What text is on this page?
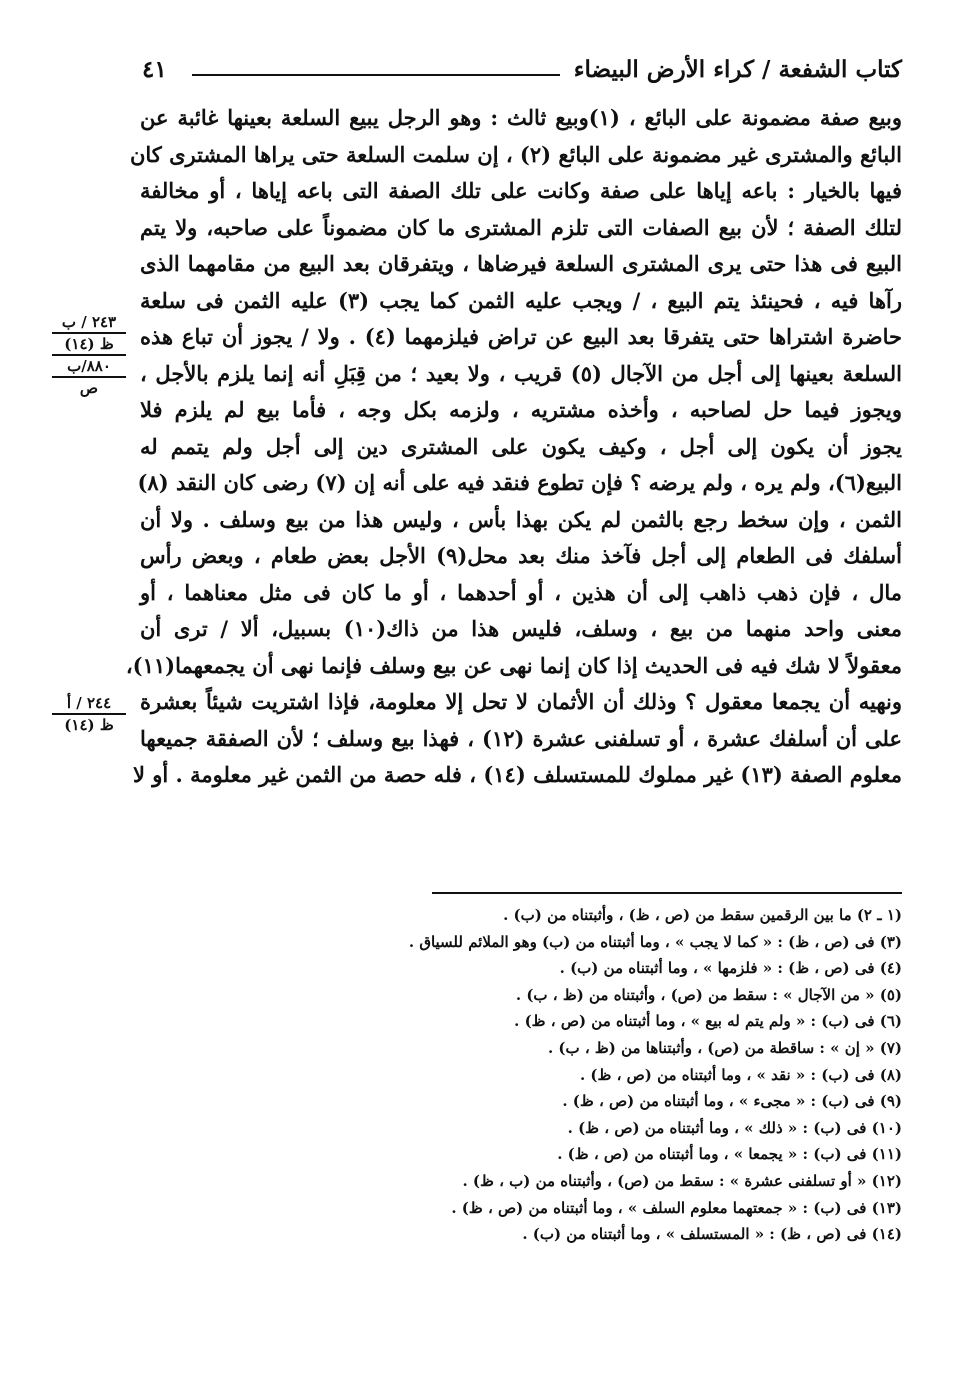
٤١	كتاب الشفعة / كراء الأرض البيضاء
٢٤٣ / ب
ظ (١٤)
٨٨٠/ب
ص
٢٤٤ / أ
ظ (١٤)
وبيع صفة مضمونة على البائع ، (١)وبيع ثالث : وهو الرجل يبيع السلعة بعينها غائبة عن
البائع والمشترى غير مضمونة على البائع (٢) ، إن سلمت السلعة حتى يراها المشترى كان
فيها بالخيار : باعه إياها على صفة وكانت على تلك الصفة التى باعه إياها ، أو مخالفة
لتلك الصفة ؛ لأن بيع الصفات التى تلزم المشترى ما كان مضموناً على صاحبه، ولا يتم
البيع فى هذا حتى يرى المشترى السلعة فيرضاها ، ويتفرقان بعد البيع من مقامهما الذى
رآها فيه ، فحينئذ يتم البيع ، / ويجب عليه الثمن كما يجب (٣) عليه الثمن فى سلعة
حاضرة اشتراها حتى يتفرقا بعد البيع عن تراض فيلزمهما (٤) . ولا / يجوز أن تباع هذه
السلعة بعينها إلى أجل من الآجال (٥) قريب ، ولا بعيد ؛ من قِبَلِ أنه إنما يلزم بالأجل ،
ويجوز فيما حل لصاحبه ، وأخذه مشتريه ، ولزمه بكل وجه ، فأما بيع لم يلزم فلا
يجوز أن يكون إلى أجل ، وكيف يكون على المشترى دين إلى أجل ولم يتمم له
البيع(٦)، ولم يره ، ولم يرضه ؟ فإن تطوع فنقد فيه على أنه إن (٧) رضى كان النقد (٨)
الثمن ، وإن سخط رجع بالثمن لم يكن بهذا بأس ، وليس هذا من بيع وسلف . ولا أن
أسلفك فى الطعام إلى أجل فآخذ منك بعد محل(٩) الأجل بعض طعام ، وبعض رأس
مال ، فإن ذهب ذاهب إلى أن هذين ، أو أحدهما ، أو ما كان فى مثل معناهما ، أو
معنى واحد منهما من بيع ، وسلف، فليس هذا من ذاك(١٠) بسبيل، ألا / ترى أن
معقولاً لا شك فيه فى الحديث إذا كان إنما نهى عن بيع وسلف فإنما نهى أن يجمعهما(١١)،
ونهيه أن يجمعا معقول ؟ وذلك أن الأثمان لا تحل إلا معلومة، فإذا اشتريت شيئاً بعشرة
على أن أسلفك عشرة ، أو تسلفنى عشرة (١٢) ، فهذا بيع وسلف ؛ لأن الصفقة جميعها
معلوم الصفة (١٣) غير مملوك للمستسلف (١٤) ، فله حصة من الثمن غير معلومة . أو لا
(١ ـ ٢) ما بين الرقمين سقط من (ص ، ظ) ، وأثبتناه من (ب) .
(٣) فى (ص ، ظ) : « كما لا يجب » ، وما أثبتناه من (ب) وهو الملائم للسياق .
(٤) فى (ص ، ظ) : « فلزمها » ، وما أثبتناه من (ب) .
(٥) « من الآجال » : سقط من (ص) ، وأثبتناه من (ظ ، ب) .
(٦) فى (ب) : « ولم يتم له بيع » ، وما أثبتناه من (ص ، ظ) .
(٧) « إن » : ساقطة من (ص) ، وأثبتناها من (ظ ، ب) .
(٨) فى (ب) : « نقد » ، وما أثبتناه من (ص ، ظ) .
(٩) فى (ب) : « مجىء » ، وما أثبتناه من (ص ، ظ) .
(١٠) فى (ب) : « ذلك » ، وما أثبتناه من (ص ، ظ) .
(١١) فى (ب) : « يجمعا » ، وما أثبتناه من (ص ، ظ) .
(١٢) « أو تسلفنى عشرة » : سقط من (ص) ، وأثبتناه من (ب ، ظ) .
(١٣) فى (ب) : « جمعتهما معلوم السلف » ، وما أثبتناه من (ص ، ظ) .
(١٤) فى (ص ، ظ) : « المستسلف » ، وما أثبتناه من (ب) .
